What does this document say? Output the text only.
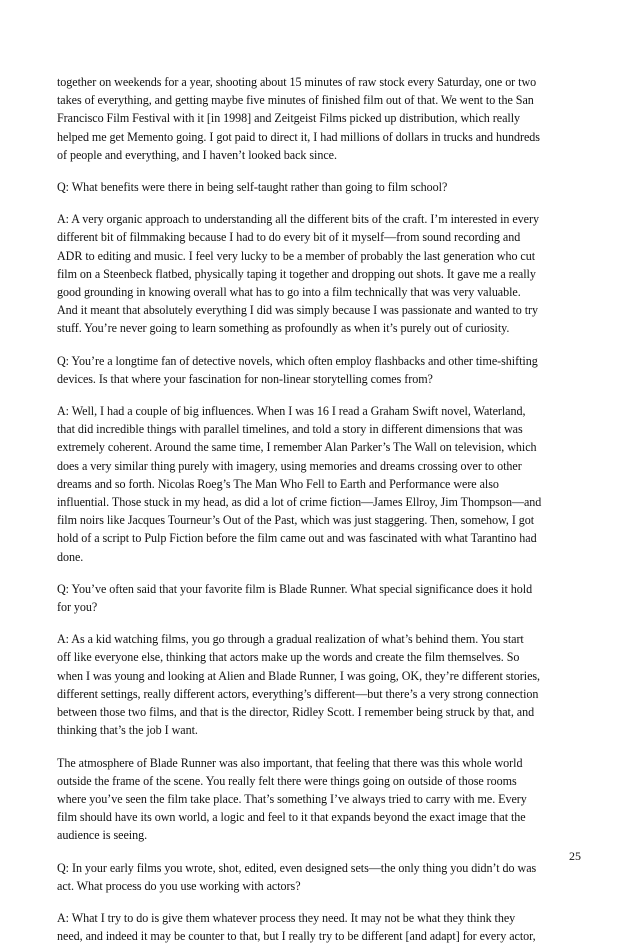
together on weekends for a year, shooting about 15 minutes of raw stock every Saturday, one or two
takes of everything, and getting maybe five minutes of finished film out of that. We went to the San
Francisco Film Festival with it [in 1998] and Zeitgeist Films picked up distribution, which really
helped me get Memento going. I got paid to direct it, I had millions of dollars in trucks and hundreds
of people and everything, and I haven’t looked back since.

Q: What benefits were there in being self-taught rather than going to film school?

A: A very organic approach to understanding all the different bits of the craft. I’m interested in every
different bit of filmmaking because I had to do every bit of it myself—from sound recording and
ADR to editing and music. I feel very lucky to be a member of probably the last generation who cut
film on a Steenbeck flatbed, physically taping it together and dropping out shots. It gave me a really
good grounding in knowing overall what has to go into a film technically that was very valuable.
And it meant that absolutely everything I did was simply because I was passionate and wanted to try
stuff. You’re never going to learn something as profoundly as when it’s purely out of curiosity.

Q: You’re a longtime fan of detective novels, which often employ flashbacks and other time-shifting
devices. Is that where your fascination for non-linear storytelling comes from?

A: Well, I had a couple of big influences. When I was 16 I read a Graham Swift novel, Waterland,
that did incredible things with parallel timelines, and told a story in different dimensions that was
extremely coherent. Around the same time, I remember Alan Parker’s The Wall on television, which
does a very similar thing purely with imagery, using memories and dreams crossing over to other
dreams and so forth. Nicolas Roeg’s The Man Who Fell to Earth and Performance were also
influential. Those stuck in my head, as did a lot of crime fiction—James Ellroy, Jim Thompson—and
film noirs like Jacques Tourneur’s Out of the Past, which was just staggering. Then, somehow, I got
hold of a script to Pulp Fiction before the film came out and was fascinated with what Tarantino had
done.

Q: You’ve often said that your favorite film is Blade Runner. What special significance does it hold
for you?

A: As a kid watching films, you go through a gradual realization of what’s behind them. You start
off like everyone else, thinking that actors make up the words and create the film themselves. So
when I was young and looking at Alien and Blade Runner, I was going, OK, they’re different stories,
different settings, really different actors, everything’s different—but there’s a very strong connection
between those two films, and that is the director, Ridley Scott. I remember being struck by that, and
thinking that’s the job I want.

The atmosphere of Blade Runner was also important, that feeling that there was this whole world
outside the frame of the scene. You really felt there were things going on outside of those rooms
where you’ve seen the film take place. That’s something I’ve always tried to carry with me. Every
film should have its own world, a logic and feel to it that expands beyond the exact image that the
audience is seeing.

Q: In your early films you wrote, shot, edited, even designed sets—the only thing you didn’t do was
act. What process do you use working with actors?

A: What I try to do is give them whatever process they need. It may not be what they think they
need, and indeed it may be counter to that, but I really try to be different [and adapt] for every actor,

25
